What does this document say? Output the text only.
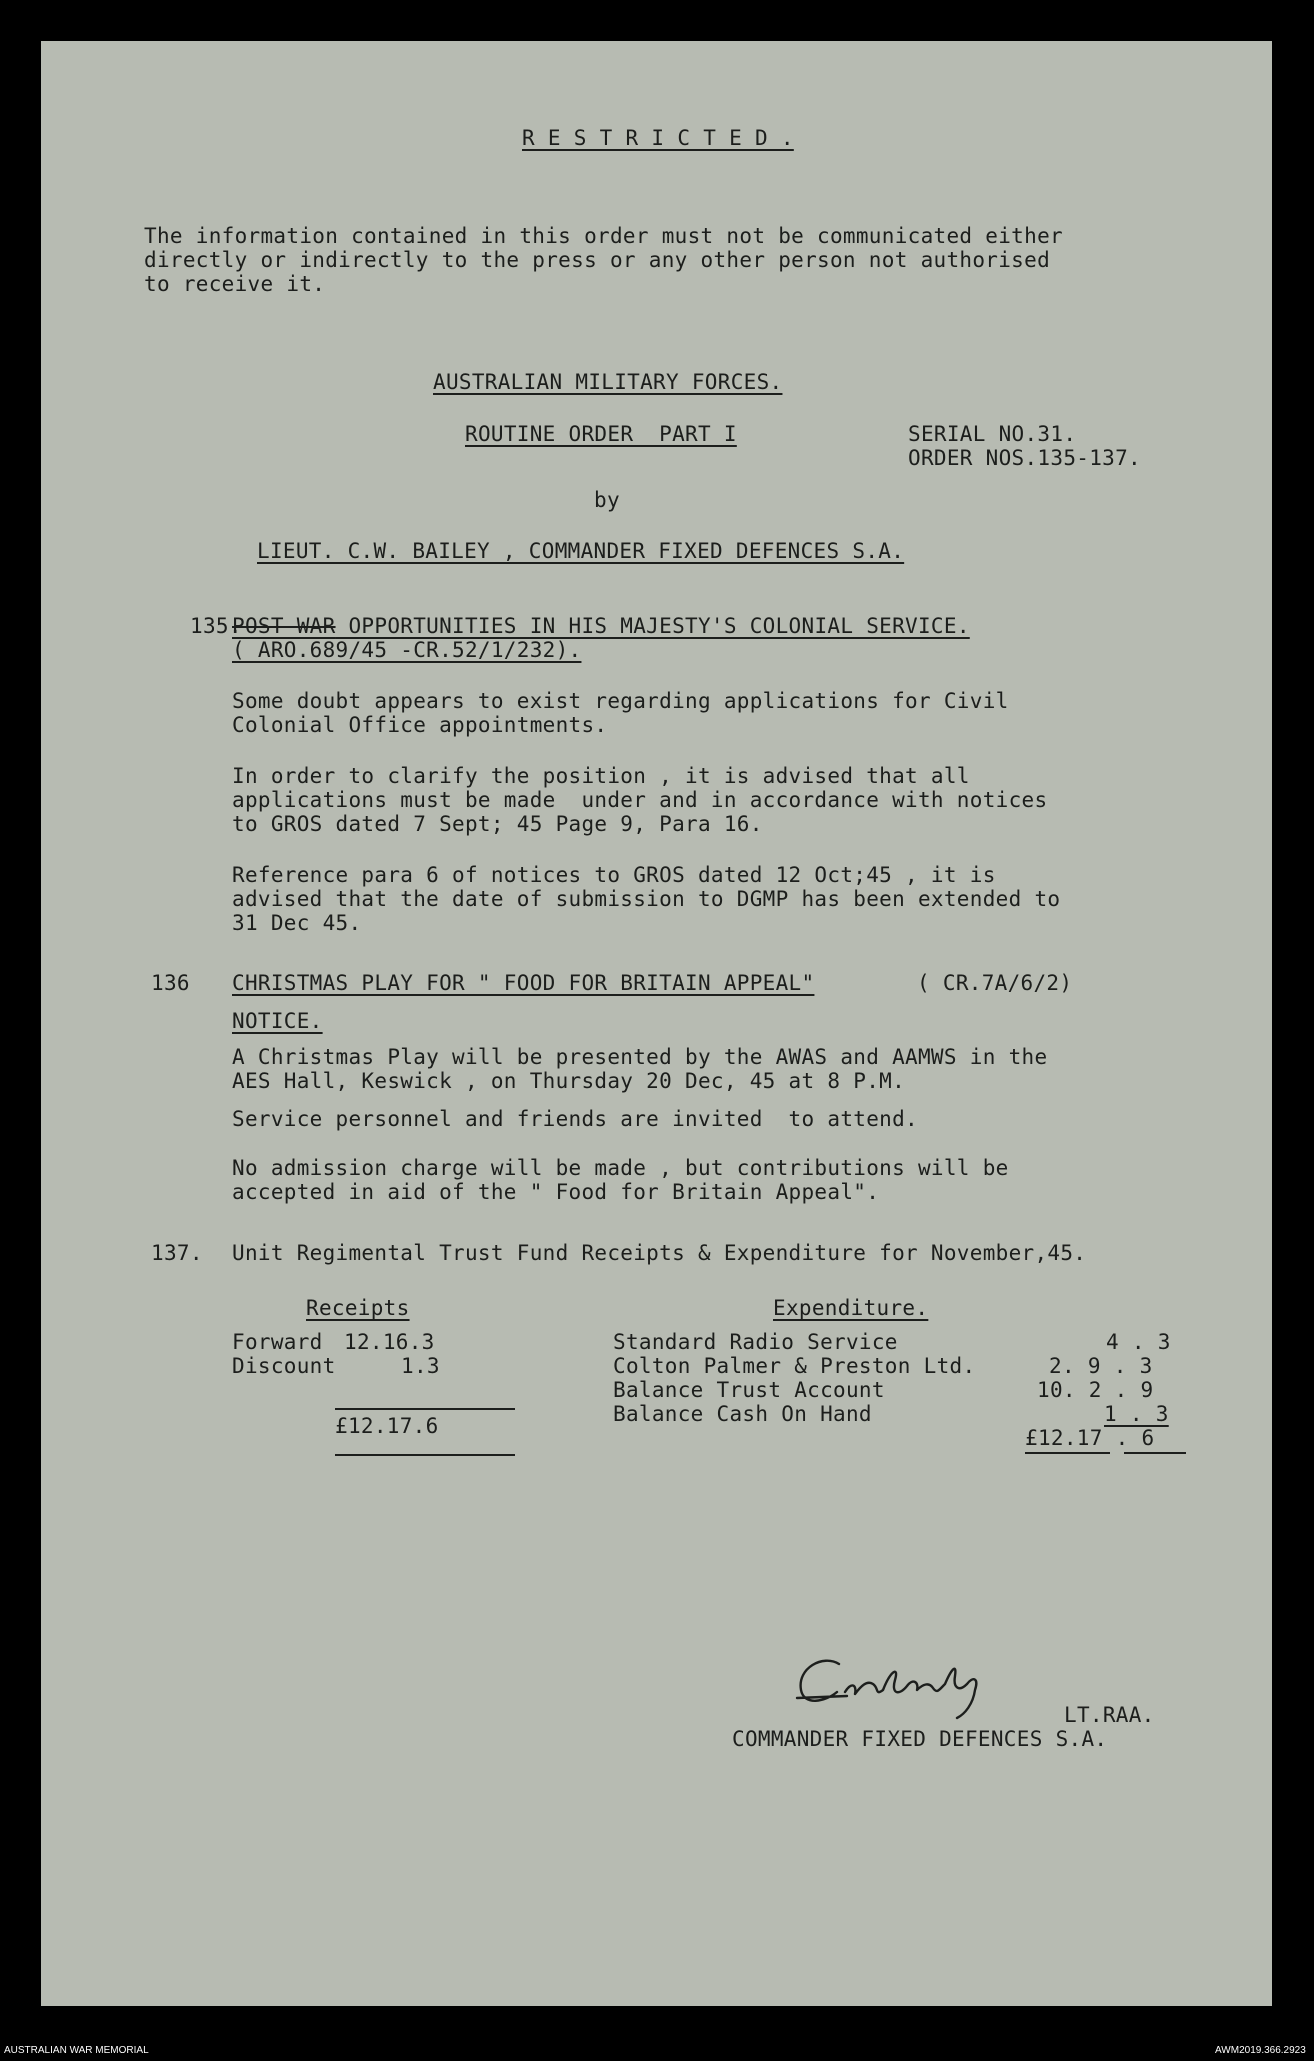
R E S T R I C T E D .
The information contained in this order must not be communicated either
directly or indirectly to the press or any other person not authorised
to receive it.
AUSTRALIAN MILITARY FORCES.
ROUTINE ORDER  PART I	SERIAL NO.31.
ORDER NOS.135-137.
by
LIEUT. C.W. BAILEY , COMMANDER FIXED DEFENCES S.A.
135.
POST WAR OPPORTUNITIES IN HIS MAJESTY'S COLONIAL SERVICE.
( ARO.689/45 -CR.52/1/232).
Some doubt appears to exist regarding applications for Civil
Colonial Office appointments.
In order to clarify the position , it is advised that all
applications must be made  under and in accordance with notices
to GROS dated 7 Sept; 45 Page 9, Para 16.
Reference para 6 of notices to GROS dated 12 Oct;45 , it is
advised that the date of submission to DGMP has been extended to
31 Dec 45.
136 CHRISTMAS PLAY FOR " FOOD FOR BRITAIN APPEAL"	( CR.7A/6/2)
NOTICE.
A Christmas Play will be presented by the AWAS and AAMWS in the
AES Hall, Keswick , on Thursday 20 Dec, 45 at 8 P.M.
Service personnel and friends are invited  to attend.
No admission charge will be made , but contributions will be
accepted in aid of the " Food for Britain Appeal".
137. Unit Regimental Trust Fund Receipts & Expenditure for November,45.
Receipts	Expenditure.
Forward 12.16.3
Discount	1.3
£12.17.6
Standard Radio Service	4 . 3
Colton Palmer & Preston Ltd.	2. 9 . 3
Balance Trust Account	10. 2 . 9
Balance Cash On Hand	1 . 3
£12.17 . 6
LT.RAA.
COMMANDER FIXED DEFENCES S.A.
AUSTRALIAN WAR MEMORIAL	AWM2019.366.2923
